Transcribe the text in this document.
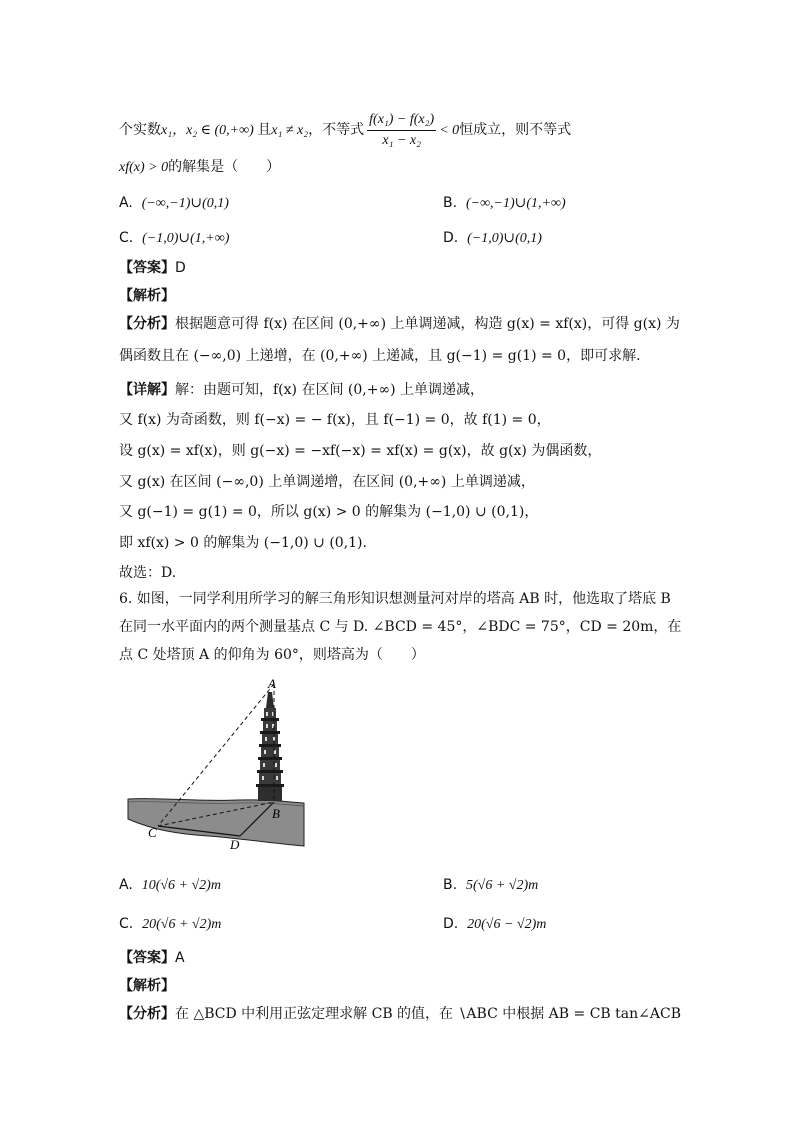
个实数x₁，x₂ ∈ (0,+∞) 且x₁ ≠ x₂，不等式 $\frac{\text{f(x₁) − f(x₂)}}{\text{x₁ − x₂}} < 0$恒成立，则不等式
xf(x) > 0的解集是（　　）
A. (−∞,−1)∪(0,1)	B. (−∞,−1)∪(1,+∞)
C. (−1,0)∪(1,+∞)	D. (−1,0)∪(0,1)
【答案】D
【解析】
【分析】根据题意可得 f(x) 在区间 (0,+∞) 上单调递减，构造 g(x) = xf(x)，可得 g(x) 为
偶函数且在 (−∞,0) 上递增，在 (0,+∞) 上递减，且 g(−1) = g(1) = 0，即可求解.
【详解】解：由题可知，f(x) 在区间 (0,+∞) 上单调递减，
又 f(x) 为奇函数，则 f(−x) = − f(x)，且 f(−1) = 0，故 f(1) = 0，
设 g(x) = xf(x)，则 g(−x) = −xf(−x) = xf(x) = g(x)，故 g(x) 为偶函数，
又 g(x) 在区间 (−∞,0) 上单调递增，在区间 (0,+∞) 上单调递减，
又 g(−1) = g(1) = 0，所以 g(x) > 0 的解集为 (−1,0) ∪ (0,1)，
即 xf(x) > 0 的解集为 (−1,0) ∪ (0,1).
故选：D.
6. 如图，一同学利用所学习的解三角形知识想测量河对岸的塔高 AB 时，他选取了塔底 B
在同一水平面内的两个测量基点 C 与 D. ∠BCD = 45°，∠BDC = 75°，CD = 20m，在
点 C 处塔顶 A 的仰角为 60°，则塔高为（　　）
A
B
C
D
A. 10(√6 + √2)m	B. 5(√6 + √2)m
C. 20(√6 + √2)m	D. 20(√6 − √2)m
【答案】A
【解析】
【分析】在 △BCD 中利用正弦定理求解 CB 的值，在 ∖ABC 中根据 AB = CB tan∠ACB
